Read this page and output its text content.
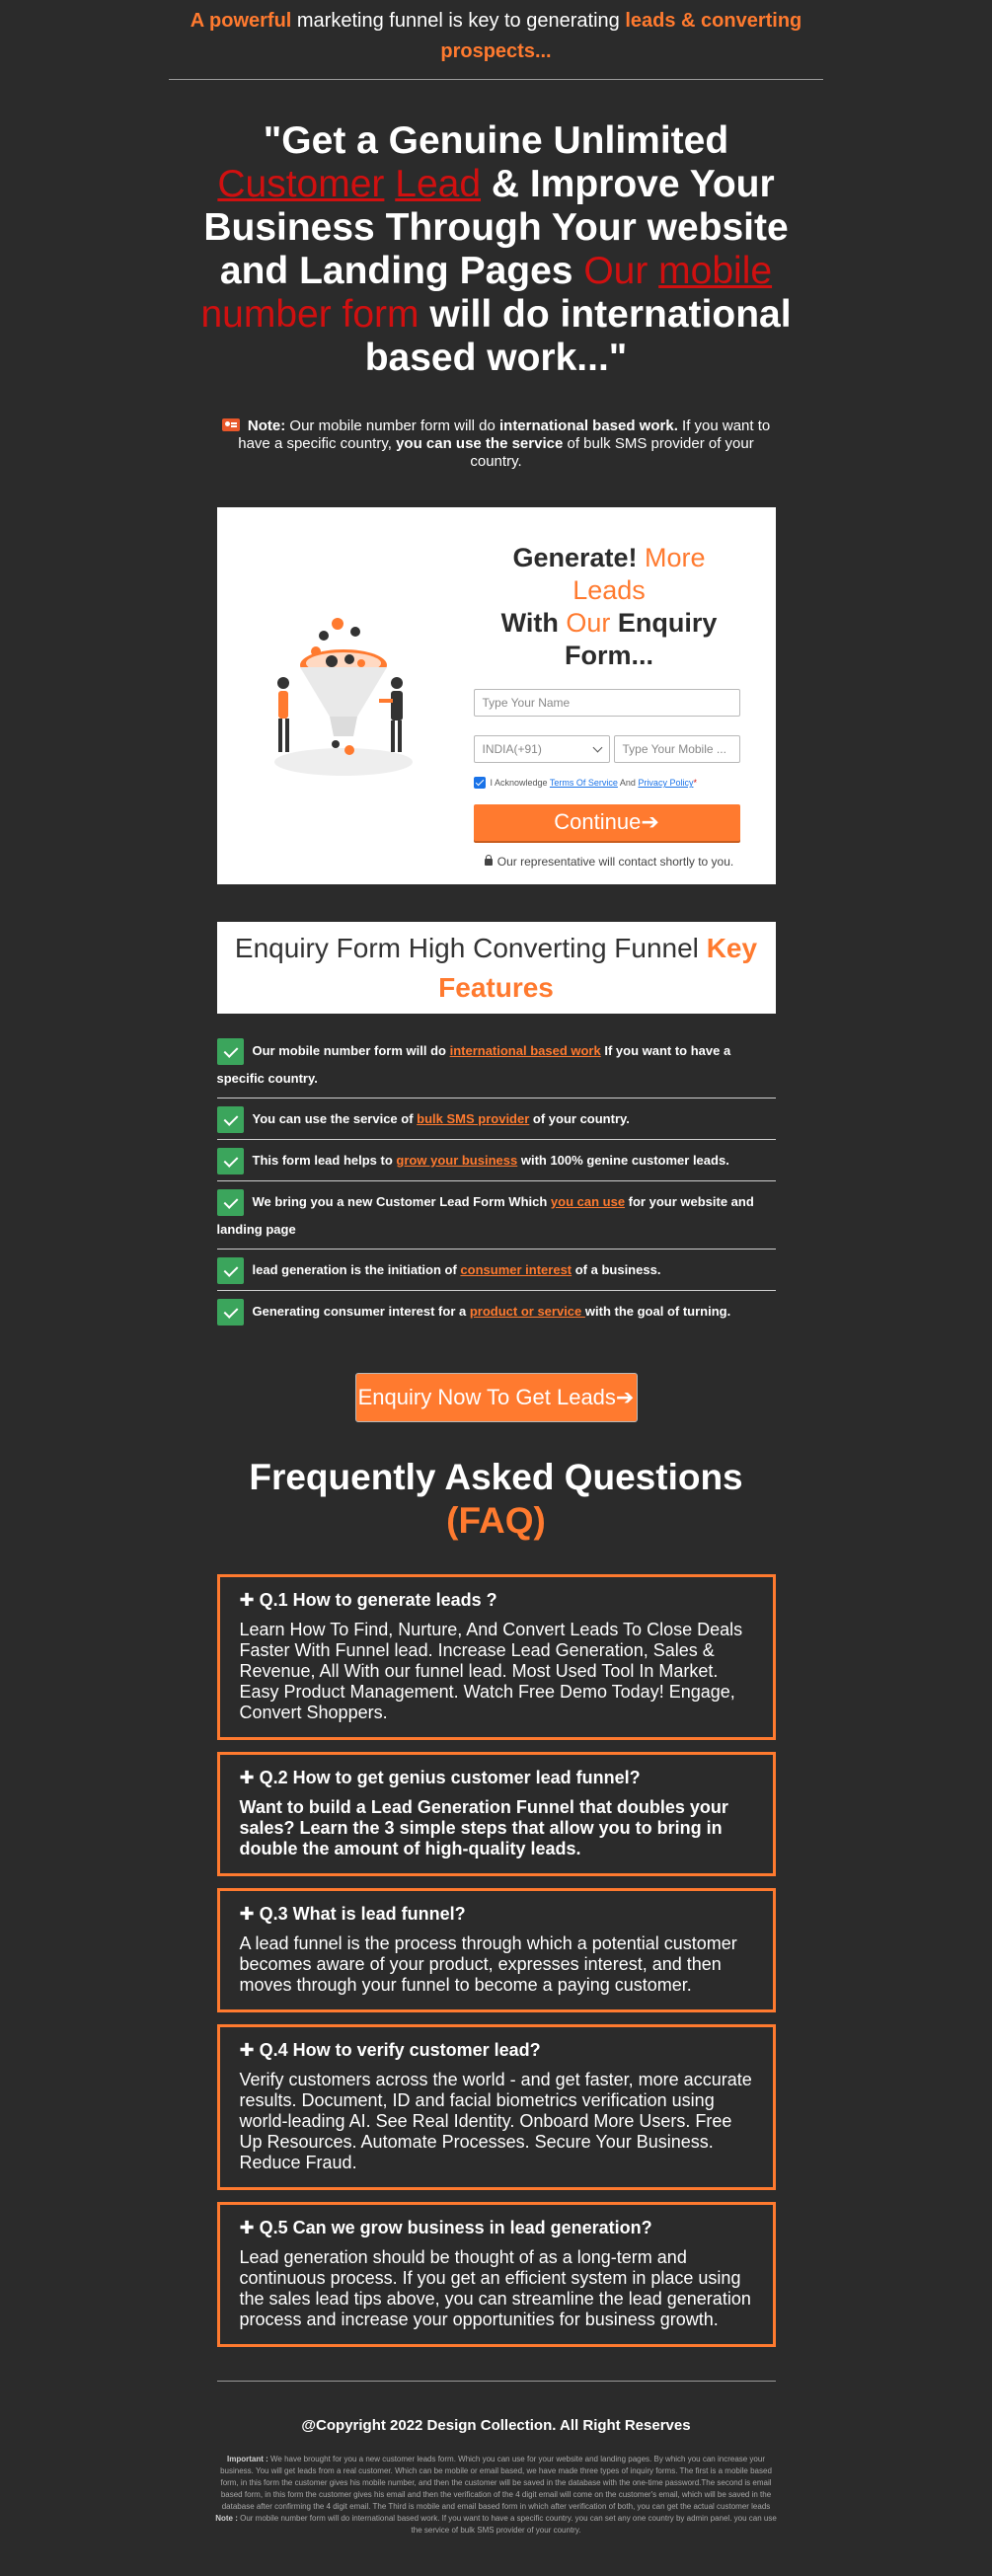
A powerful marketing funnel is key to generating leads & converting prospects...
"Get a Genuine Unlimited Customer Lead & Improve Your Business Through Your website and Landing Pages Our mobile number form will do international based work..."

Note: Our mobile number form will do international based work. If you want to have a specific country, you can use the service of bulk SMS provider of your country.

Generate! More Leads
With Our Enquiry Form...
Type Your Name
INDIA(+91)	Type Your Mobile ...
I Acknowledge Terms Of Service And Privacy Policy*
Continue➔
Our representative will contact shortly to you.
Enquiry Form High Converting Funnel Key Features
Our mobile number form will do international based work If you want to have a specific country.
You can use the service of bulk SMS provider of your country.
This form lead helps to grow your business with 100% genine customer leads.
We bring you a new Customer Lead Form Which you can use for your website and landing page
lead generation is the initiation of consumer interest of a business.
Generating consumer interest for a product or service with the goal of turning.
Enquiry Now To Get Leads➔
Frequently Asked Questions
(FAQ)
✚ Q.1 How to generate leads ?

Learn How To Find, Nurture, And Convert Leads To Close Deals Faster With Funnel lead. Increase Lead Generation, Sales & Revenue, All With our funnel lead. Most Used Tool In Market. Easy Product Management. Watch Free Demo Today! Engage, Convert Shoppers.

✚ Q.2 How to get genius customer lead funnel?

Want to build a Lead Generation Funnel that doubles your sales? Learn the 3 simple steps that allow you to bring in double the amount of high-quality leads.

✚ Q.3 What is lead funnel?

A lead funnel is the process through which a potential customer becomes aware of your product, expresses interest, and then moves through your funnel to become a paying customer.

✚ Q.4 How to verify customer lead?

Verify customers across the world - and get faster, more accurate results. Document, ID and facial biometrics verification using world-leading AI. See Real Identity. Onboard More Users. Free Up Resources. Automate Processes. Secure Your Business. Reduce Fraud.

✚ Q.5 Can we grow business in lead generation?

Lead generation should be thought of as a long-term and continuous process. If you get an efficient system in place using the sales lead tips above, you can streamline the lead generation process and increase your opportunities for business growth.

@Copyright 2022 Design Collection. All Right Reserves
Important : We have brought for you a new customer leads form. Which you can use for your website and landing pages. By which you can increase your business. You will get leads from a real customer. Which can be mobile or email based, we have made three types of inquiry forms. The first is a mobile based form, in this form the customer gives his mobile number, and then the customer will be saved in the database with the one-time password.The second is email based form, in this form the customer gives his email and then the verification of the 4 digit email will come on the customer's email, which will be saved in the database after confirming the 4 digit email. The Third is mobile and email based form in which after verification of both, you can get the actual customer leads
Note : Our mobile number form will do international based work. If you want to have a specific country. you can set any one country by admin panel. you can use the service of bulk SMS provider of your country.
